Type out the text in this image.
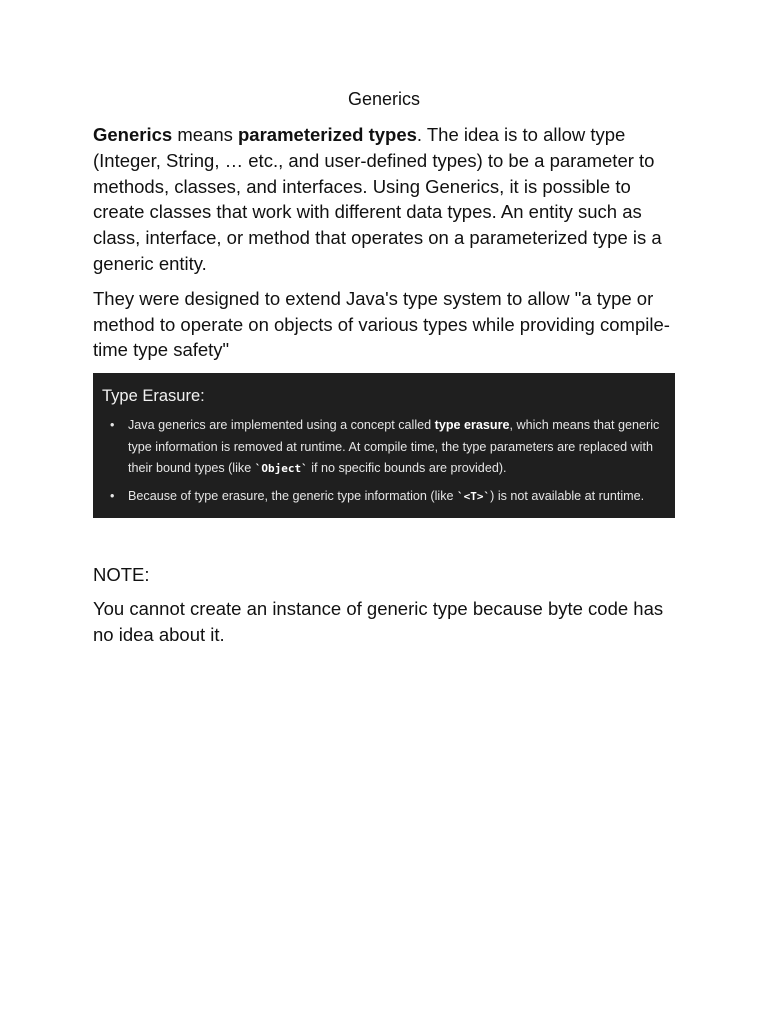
Generics

Generics means parameterized types. The idea is to allow type (Integer, String, … etc., and user-defined types) to be a parameter to methods, classes, and interfaces. Using Generics, it is possible to create classes that work with different data types. An entity such as class, interface, or method that operates on a parameterized type is a generic entity.

They were designed to extend Java's type system to allow "a type or method to operate on objects of various types while providing compile-time type safety"

Type Erasure:
• Java generics are implemented using a concept called type erasure, which means that generic
type information is removed at runtime. At compile time, the type parameters are replaced with
their bound types (like `Object` if no specific bounds are provided).
• Because of type erasure, the generic type information (like `<T>`) is not available at runtime.

NOTE:

You cannot create an instance of generic type because byte code has no idea about it.
